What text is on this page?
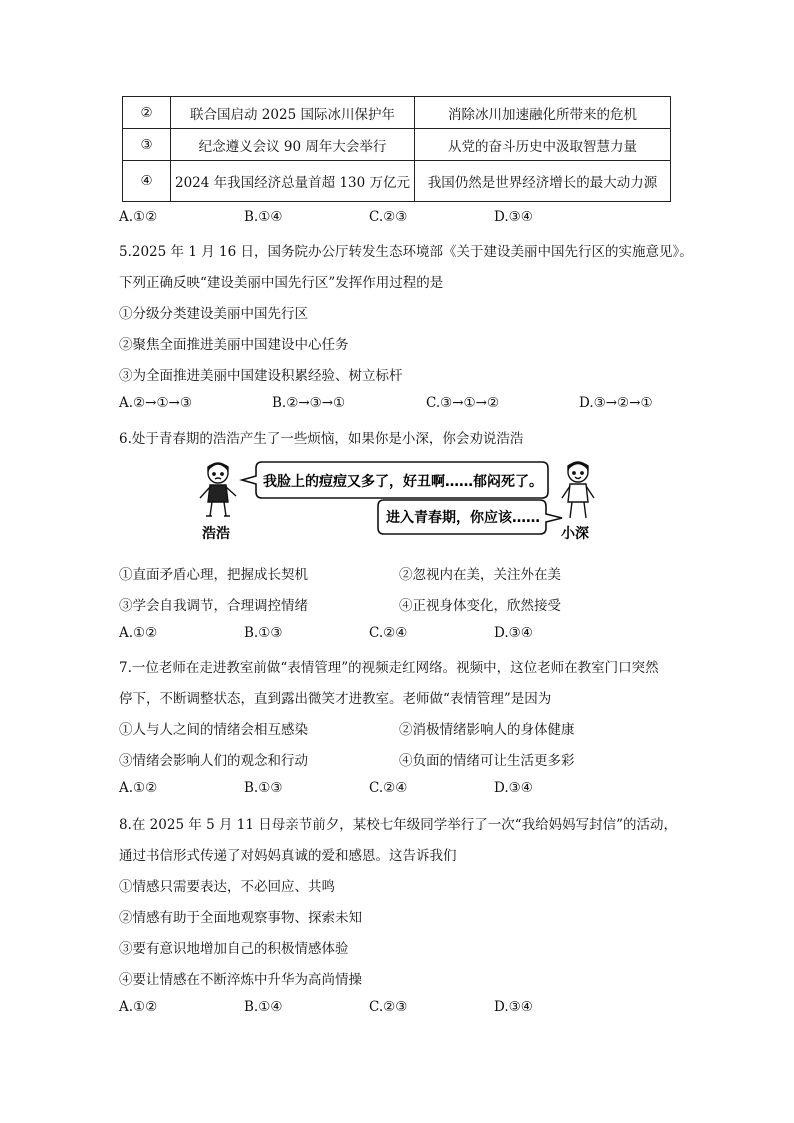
②	联合国启动 2025 国际冰川保护年	消除冰川加速融化所带来的危机
③	纪念遵义会议 90 周年大会举行	从党的奋斗历史中汲取智慧力量
④	2024 年我国经济总量首超 130 万亿元	我国仍然是世界经济增长的最大动力源
A.①②	B.①④	C.②③	D.③④
5.2025 年 1 月 16 日，国务院办公厅转发生态环境部《关于建设美丽中国先行区的实施意见》。
下列正确反映“建设美丽中国先行区”发挥作用过程的是
①分级分类建设美丽中国先行区
②聚焦全面推进美丽中国建设中心任务
③为全面推进美丽中国建设积累经验、树立标杆
A.②→①→③	B.②→③→①	C.③→①→②	D.③→②→①
6.处于青春期的浩浩产生了一些烦恼，如果你是小深，你会劝说浩浩
浩浩
我脸上的痘痘又多了，好丑啊……郁闷死了。
进入青春期，你应该……
小深
①直面矛盾心理，把握成长契机	②忽视内在美，关注外在美
③学会自我调节，合理调控情绪	④正视身体变化，欣然接受
A.①②	B.①③	C.②④	D.③④
7.一位老师在走进教室前做“表情管理”的视频走红网络。视频中，这位老师在教室门口突然
停下，不断调整状态，直到露出微笑才进教室。老师做“表情管理”是因为
①人与人之间的情绪会相互感染	②消极情绪影响人的身体健康
③情绪会影响人们的观念和行动	④负面的情绪可让生活更多彩
A.①②	B.①③	C.②④	D.③④
8.在 2025 年 5 月 11 日母亲节前夕，某校七年级同学举行了一次“我给妈妈写封信”的活动，
通过书信形式传递了对妈妈真诚的爱和感恩。这告诉我们
①情感只需要表达，不必回应、共鸣
②情感有助于全面地观察事物、探索未知
③要有意识地增加自己的积极情感体验
④要让情感在不断淬炼中升华为高尚情操
A.①②	B.①④	C.②③	D.③④
